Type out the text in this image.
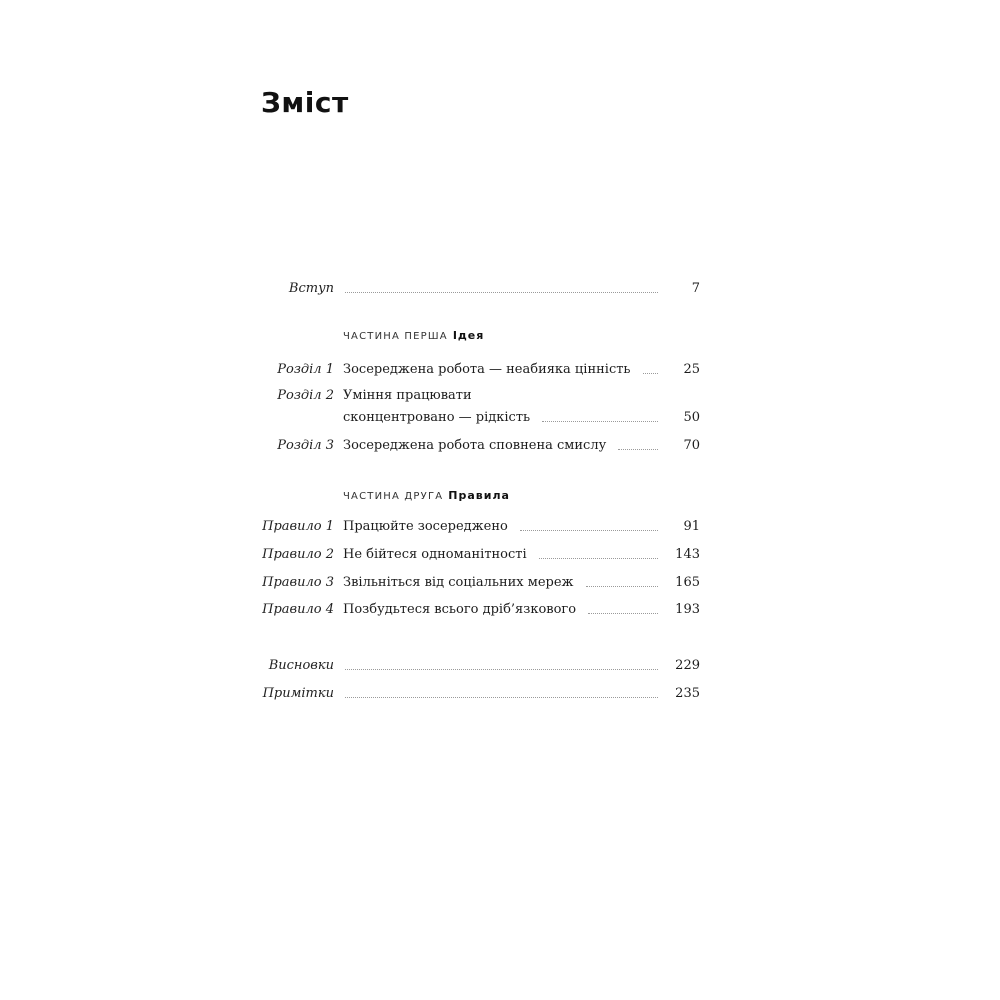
Зміст
Вступ	7
ЧАСТИНА ПЕРША Ідея
Розділ 1 Зосереджена робота — неабияка цінність	25
Розділ 2 Уміння працювати
сконцентровано — рідкість	50
Розділ 3 Зосереджена робота сповнена смислу	70
ЧАСТИНА ДРУГА Правила
Правило 1 Працюйте зосереджено	91
Правило 2 Не бійтеся одноманітності	143
Правило 3 Звільніться від соціальних мереж	165
Правило 4 Позбудьтеся всього дріб’язкового	193
Висновки	229
Примітки	235
